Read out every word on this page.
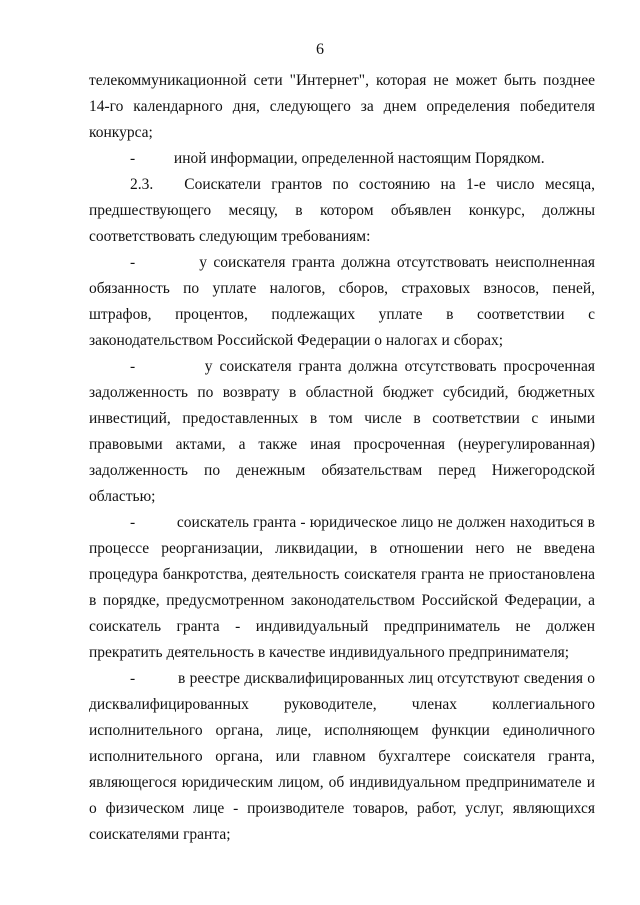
6

телекоммуникационной сети "Интернет", которая не может быть позднее 14-го календарного дня, следующего за днем определения победителя конкурса;

-          иной информации, определенной настоящим Порядком.

2.3.   Соискатели грантов по состоянию на 1-е число месяца, предшествующего месяцу, в котором объявлен конкурс, должны соответствовать следующим требованиям:

-          у соискателя гранта должна отсутствовать неисполненная обязанность по уплате налогов, сборов, страховых взносов, пеней, штрафов, процентов, подлежащих уплате в соответствии с законодательством Российской Федерации о налогах и сборах;

-          у соискателя гранта должна отсутствовать просроченная задолженность по возврату в областной бюджет субсидий, бюджетных инвестиций, предоставленных в том числе в соответствии с иными правовыми актами, а также иная просроченная (неурегулированная) задолженность по денежным обязательствам перед Нижегородской областью;

-          соискатель гранта - юридическое лицо не должен находиться в процессе реорганизации, ликвидации, в отношении него не введена процедура банкротства, деятельность соискателя гранта не приостановлена в порядке, предусмотренном законодательством Российской Федерации, а соискатель гранта - индивидуальный предприниматель не должен прекратить деятельность в качестве индивидуального предпринимателя;

-          в реестре дисквалифицированных лиц отсутствуют сведения о дисквалифицированных руководителе, членах коллегиального исполнительного органа, лице, исполняющем функции единоличного исполнительного органа, или главном бухгалтере соискателя гранта, являющегося юридическим лицом, об индивидуальном предпринимателе и о физическом лице - производителе товаров, работ, услуг, являющихся соискателями гранта;
